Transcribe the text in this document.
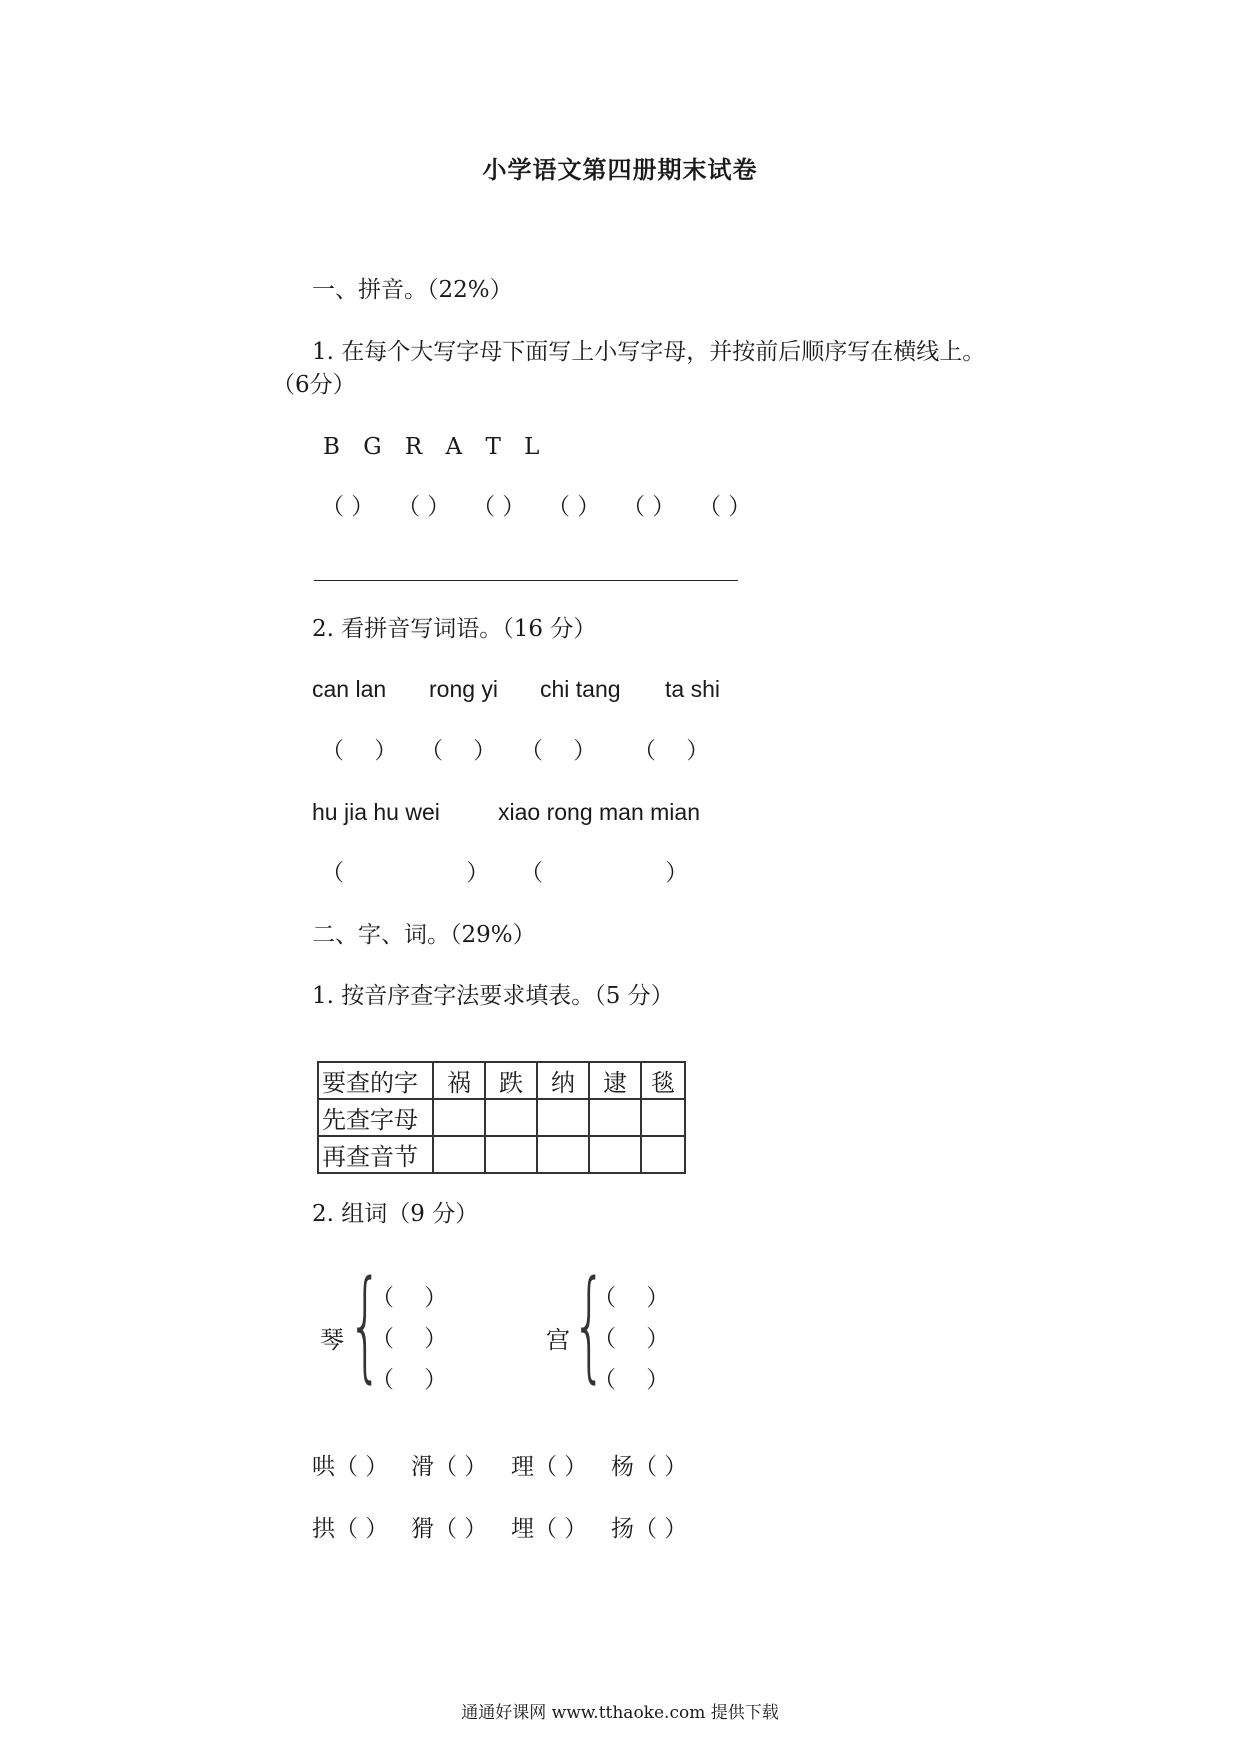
小学语文第四册期末试卷
一、拼音。（22%）
1. 在每个大写字母下面写上小写字母，并按前后顺序写在横线上。
（6分）
B G R A T L
（ ） （ ） （ ） （ ） （ ） （ ）
2. 看拼音写词语。（16 分）
can lan rong yi chi tang ta shi
（　 ） （　 ） （　 ） （　 ）
hu jia hu wei	xiao rong man mian
（　　　　　 ） （　　　　　 ）
二、字、词。（29%）
1. 按音序查字法要求填表。（5 分）
要查的字	祸	跌	纳	逮	毯
先查字母					
再查音节					
2. 组词（9 分）
琴 {
（　 ）
（　 ）
（　 ）
宫 {
（　 ）
（　 ）
（　 ）
哄（ ） 滑（ ） 理（ ） 杨（ ）
拱（ ） 猾（ ） 埋（ ） 扬（ ）
通通好课网 www.tthaoke.com 提供下载
